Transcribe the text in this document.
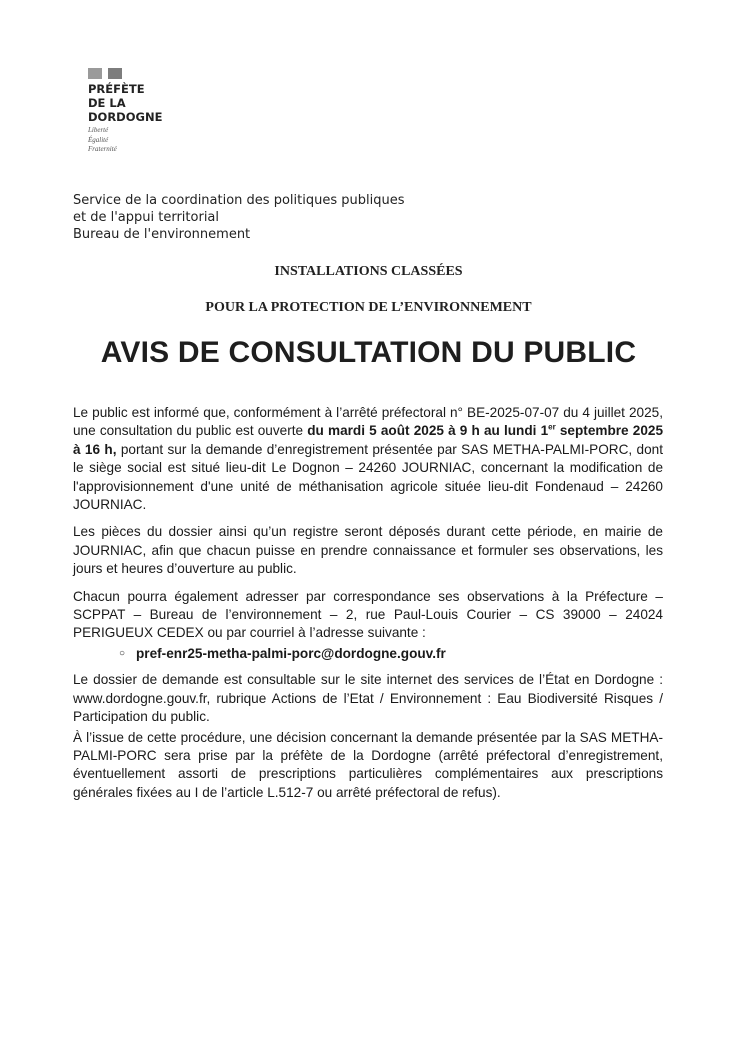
PRÉFÈTE
DE LA
DORDOGNE
Liberté
Égalité
Fraternité
Service de la coordination des politiques publiques
et de l'appui territorial
Bureau de l'environnement
INSTALLATIONS CLASSÉES
POUR LA PROTECTION DE L’ENVIRONNEMENT
AVIS DE CONSULTATION DU PUBLIC

Le public est informé que, conformément à l’arrêté préfectoral n° BE-2025-07-07 du 4 juillet 2025, une consultation du public est ouverte du mardi 5 août 2025 à 9 h au lundi 1er septembre 2025 à 16 h, portant sur la demande d’enregistrement présentée par SAS METHA-PALMI-PORC, dont le siège social est situé lieu-dit Le Dognon – 24260 JOURNIAC, concernant la modification de l'approvisionnement d'une unité de méthanisation agricole située lieu-dit Fondenaud – 24260 JOURNIAC.

Les pièces du dossier ainsi qu’un registre seront déposés durant cette période, en mairie de JOURNIAC, afin que chacun puisse en prendre connaissance et formuler ses observations, les jours et heures d’ouverture au public.

Chacun pourra également adresser par correspondance ses observations à la Préfecture – SCPPAT – Bureau de l’environnement – 2, rue Paul-Louis Courier – CS 39000 – 24024 PERIGUEUX CEDEX ou par courriel à l’adresse suivante :

○ pref-enr25-metha-palmi-porc@dordogne.gouv.fr

Le dossier de demande est consultable sur le site internet des services de l’État en Dordogne : www.dordogne.gouv.fr, rubrique Actions de l’Etat / Environnement : Eau Biodiversité Risques / Participation du public.

À l’issue de cette procédure, une décision concernant la demande présentée par la SAS METHA-PALMI-PORC sera prise par la préfète de la Dordogne (arrêté préfectoral d’enregistrement, éventuellement assorti de prescriptions particulières complémentaires aux prescriptions générales fixées au I de l’article L.512-7 ou arrêté préfectoral de refus).
